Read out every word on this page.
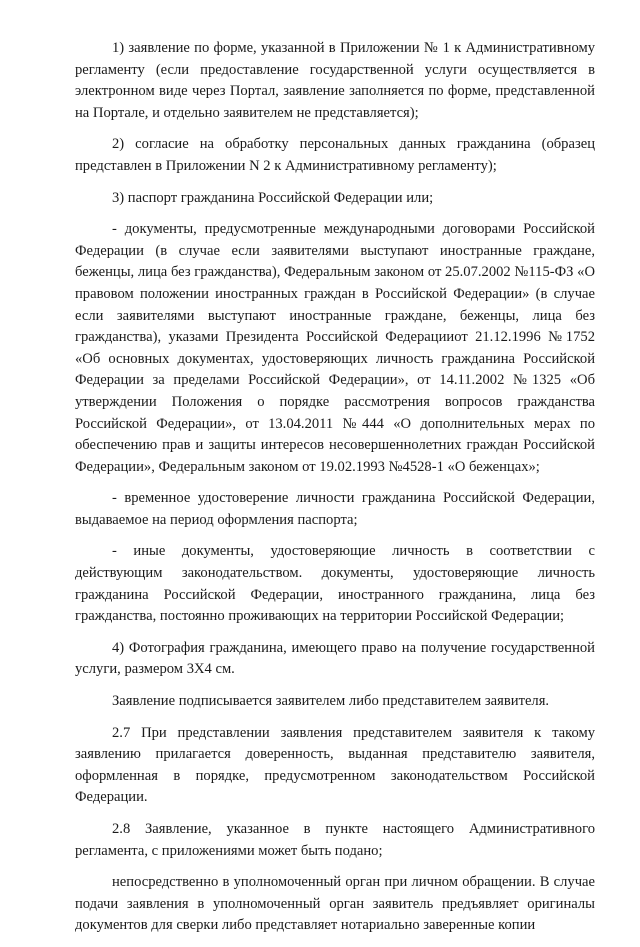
1) заявление по форме, указанной в Приложении № 1 к Административному регламенту (если предоставление государственной услуги осуществляется в электронном виде через Портал, заявление заполняется по форме, представленной на Портале, и отдельно заявителем не представляется);

2) согласие на обработку персональных данных гражданина (образец представлен в Приложении N 2 к Административному регламенту);

3) паспорт гражданина Российской Федерации или;

- документы, предусмотренные международными договорами Российской Федерации (в случае если заявителями выступают иностранные граждане, беженцы, лица без гражданства), Федеральным законом от 25.07.2002 №115-ФЗ «О правовом положении иностранных граждан в Российской Федерации» (в случае если заявителями выступают иностранные граждане, беженцы, лица без гражданства), указами Президента Российской Федерацииот 21.12.1996 №1752 «Об основных документах, удостоверяющих личность гражданина Российской Федерации за пределами Российской Федерации», от 14.11.2002 №1325 «Об утверждении Положения о порядке рассмотрения вопросов гражданства Российской Федерации», от 13.04.2011 №444 «О дополнительных мерах по обеспечению прав и защиты интересов несовершеннолетних граждан Российской Федерации», Федеральным законом от 19.02.1993 №4528-1 «О беженцах»;

- временное удостоверение личности гражданина Российской Федерации, выдаваемое на период оформления паспорта;

- иные документы, удостоверяющие личность в соответствии с действующим законодательством. документы, удостоверяющие личность гражданина Российской Федерации, иностранного гражданина, лица без гражданства, постоянно проживающих на территории Российской Федерации;

4) Фотография гражданина, имеющего право на получение государственной услуги, размером 3Х4 см.

Заявление подписывается заявителем либо представителем заявителя.

2.7 При представлении заявления представителем заявителя к такому заявлению прилагается доверенность, выданная представителю заявителя, оформленная в порядке, предусмотренном законодательством Российской Федерации.

2.8 Заявление, указанное в пункте настоящего Административного регламента, с приложениями может быть подано;

непосредственно в уполномоченный орган при личном обращении. В случае подачи заявления в уполномоченный орган заявитель предъявляет оригиналы документов для сверки либо представляет нотариально заверенные копии
